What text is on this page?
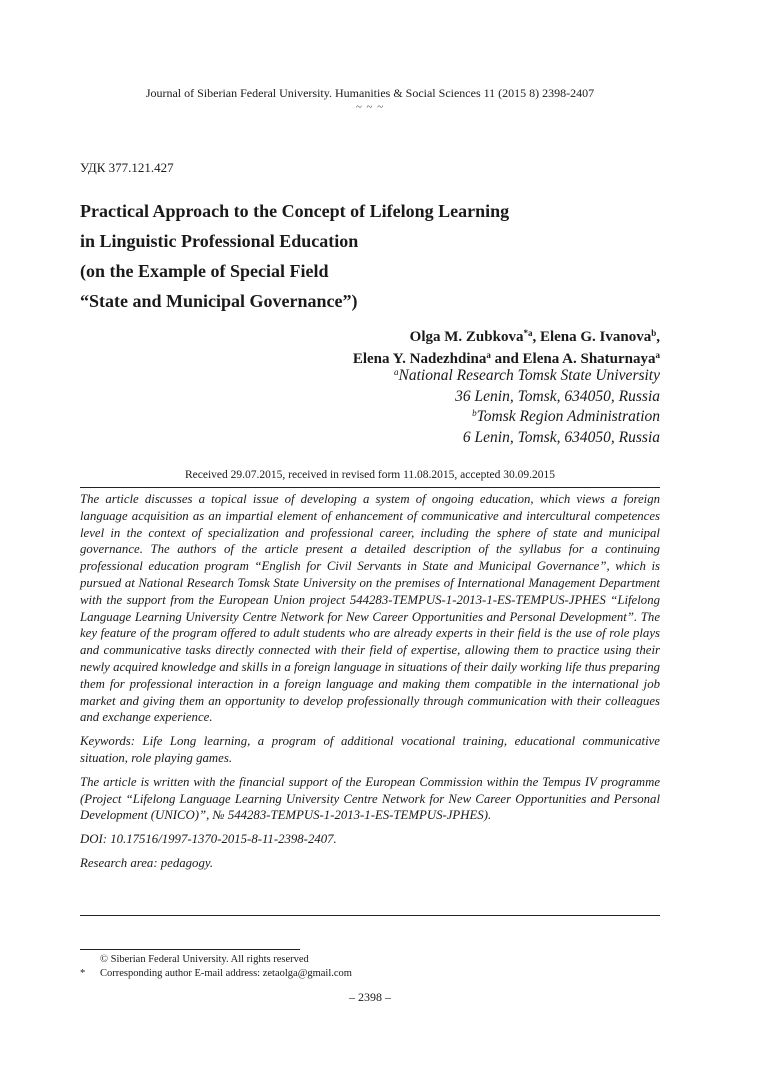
Journal of Siberian Federal University. Humanities & Social Sciences 11 (2015 8) 2398-2407
~ ~ ~
УДК 377.121.427
Practical Approach to the Concept of Lifelong Learning
in Linguistic Professional Education
(on the Example of Special Field
“State and Municipal Governance”)
Olga M. Zubkova$^{*a}$, Elena G. Ivanova$^b$,
Elena Y. Nadezhdina$^a$ and Elena A. Shaturnaya$^a$
$^a$National Research Tomsk State University
36 Lenin, Tomsk, 634050, Russia
$^b$Tomsk Region Administration
6 Lenin, Tomsk, 634050, Russia
Received 29.07.2015, received in revised form 11.08.2015, accepted 30.09.2015

The article discusses a topical issue of developing a system of ongoing education, which views a foreign language acquisition as an impartial element of enhancement of communicative and intercultural competences level in the context of specialization and professional career, including the sphere of state and municipal governance. The authors of the article present a detailed description of the syllabus for a continuing professional education program “English for Civil Servants in State and Municipal Governance”, which is pursued at National Research Tomsk State University on the premises of International Management Department with the support from the European Union project 544283-TEMPUS-1-2013-1-ES-TEMPUS-JPHES “Lifelong Language Learning University Centre Network for New Career Opportunities and Personal Development”. The key feature of the program offered to adult students who are already experts in their field is the use of role plays and communicative tasks directly connected with their field of expertise, allowing them to practice using their newly acquired knowledge and skills in a foreign language in situations of their daily working life thus preparing them for professional interaction in a foreign language and making them compatible in the international job market and giving them an opportunity to develop professionally through communication with their colleagues and exchange experience.

Keywords: Life Long learning, a program of additional vocational training, educational communicative situation, role playing games.

The article is written with the financial support of the European Commission within the Tempus IV programme (Project “Lifelong Language Learning University Centre Network for New Career Opportunities and Personal Development (UNICO)”, № 544283-TEMPUS-1-2013-1-ES-TEMPUS-JPHES).

DOI: 10.17516/1997-1370-2015-8-11-2398-2407.

Research area: pedagogy.

© Siberian Federal University. All rights reserved
* Corresponding author E-mail address: zetaolga@gmail.com
– 2398 –
